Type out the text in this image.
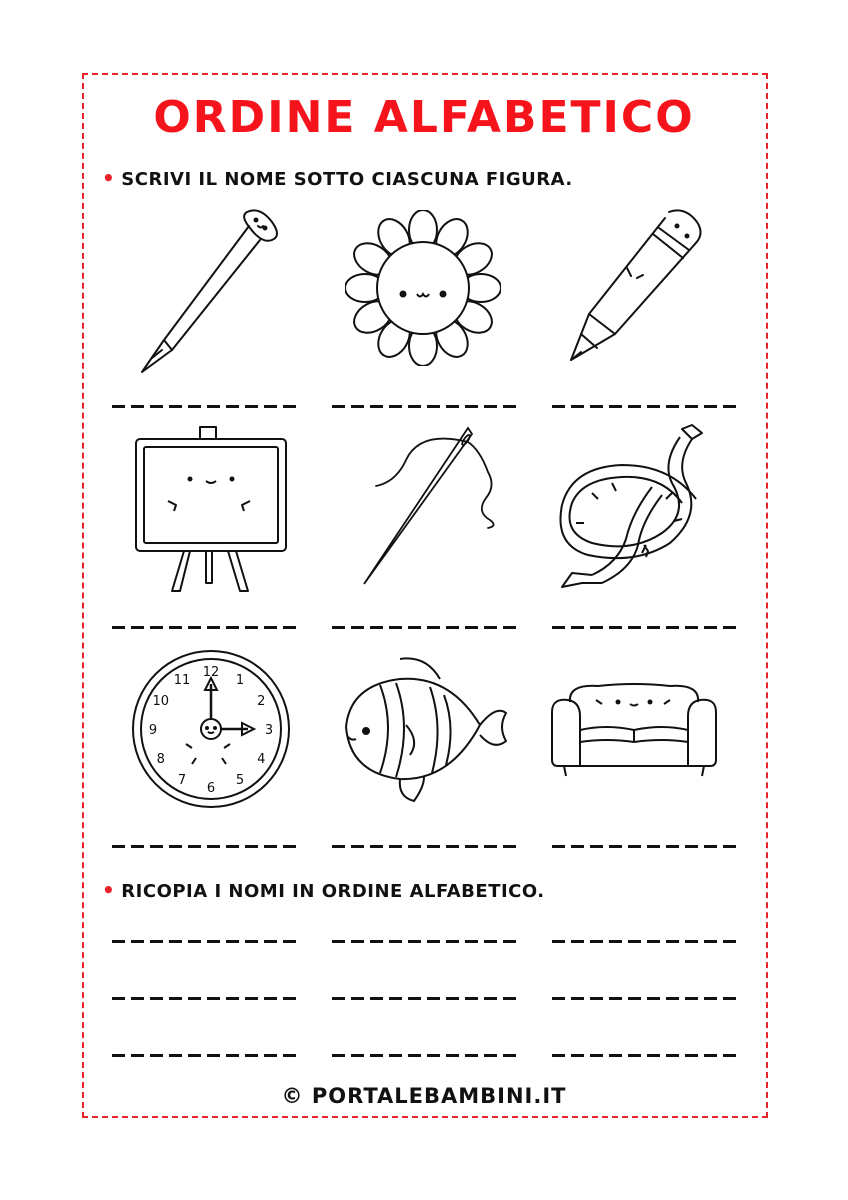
ORDINE ALFABETICO
• SCRIVI IL NOME SOTTO CIASCUNA FIGURA.
12
1
2
3
4
5
6
7
8
9
10
11
• RICOPIA I NOMI IN ORDINE ALFABETICO.
© PORTALEBAMBINI.IT
